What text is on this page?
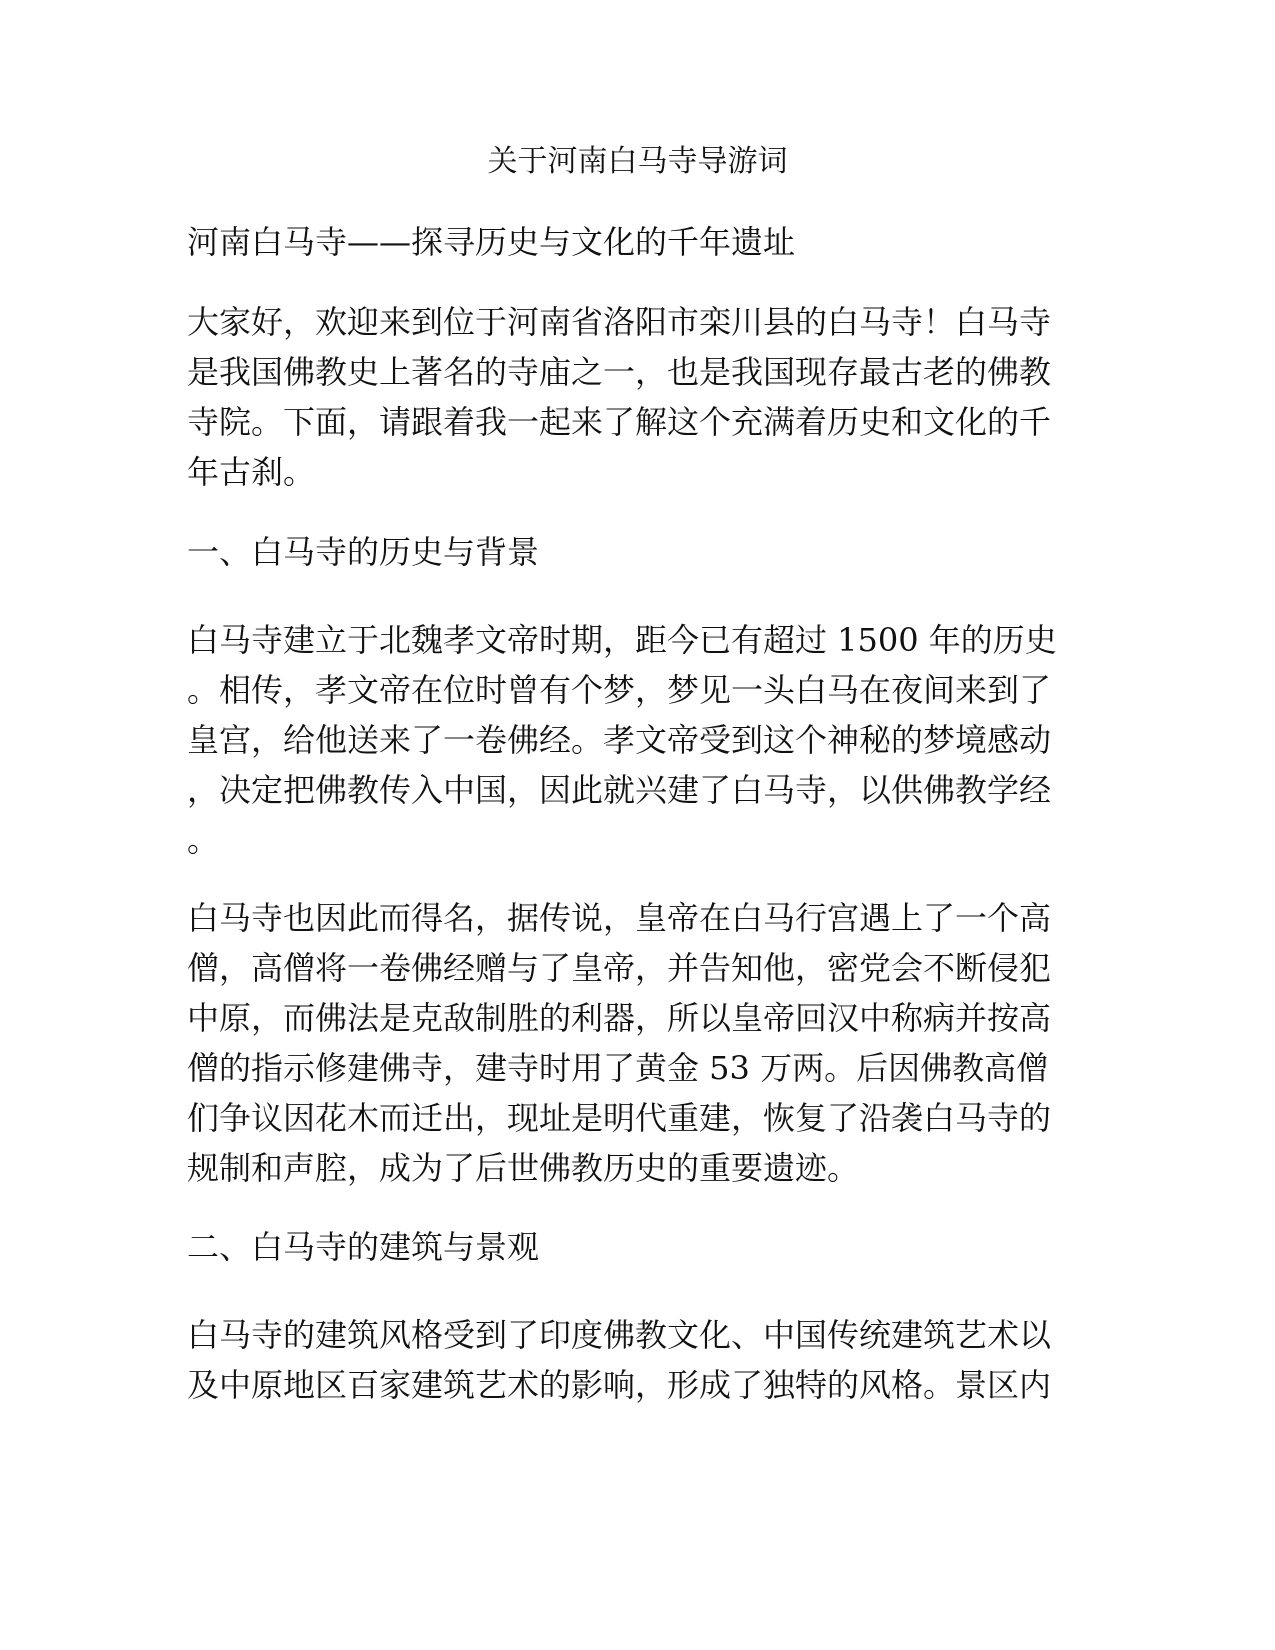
关于河南白马寺导游词
河南白马寺——探寻历史与文化的千年遗址
大家好，欢迎来到位于河南省洛阳市栾川县的白马寺！白马寺
是我国佛教史上著名的寺庙之一，也是我国现存最古老的佛教
寺院。下面，请跟着我一起来了解这个充满着历史和文化的千
年古刹。
一、白马寺的历史与背景
白马寺建立于北魏孝文帝时期，距今已有超过 1500 年的历史
。相传，孝文帝在位时曾有个梦，梦见一头白马在夜间来到了
皇宫，给他送来了一卷佛经。孝文帝受到这个神秘的梦境感动
，决定把佛教传入中国，因此就兴建了白马寺，以供佛教学经
。
白马寺也因此而得名，据传说，皇帝在白马行宫遇上了一个高
僧，高僧将一卷佛经赠与了皇帝，并告知他，密党会不断侵犯
中原，而佛法是克敌制胜的利器，所以皇帝回汉中称病并按高
僧的指示修建佛寺，建寺时用了黄金 53 万两。后因佛教高僧
们争议因花木而迁出，现址是明代重建，恢复了沿袭白马寺的
规制和声腔，成为了后世佛教历史的重要遗迹。
二、白马寺的建筑与景观
白马寺的建筑风格受到了印度佛教文化、中国传统建筑艺术以
及中原地区百家建筑艺术的影响，形成了独特的风格。景区内
